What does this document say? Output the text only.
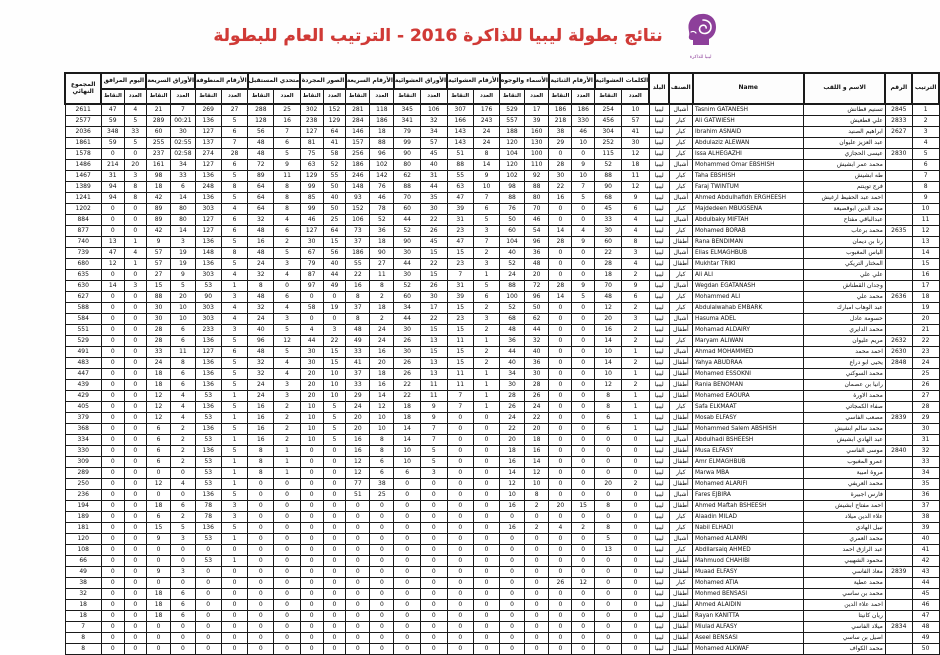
نتائج بطولة ليبيا للذاكرة 2016 - الترتيب العام للبطولة
ليبيا للذاكرة
الترتيب	الرقم	الاسم و اللقب	Name	الصنف	البلد	الكلمات العشوائية		الأرقام الثنائية		الأسماء والوجوه		الأرقام العشوائية		الأوراق العشوائية		الأرقام السريعة		الصور المجردة		متحدي المستقبل		الأرقام المنطوقة		الأوراق السريعة		اليوم المرافق		المجموع
النهائي
						العدد	النقاط	العدد	النقاط	العدد	النقاط	العدد	النقاط	العدد	النقاط	العدد	النقاط	العدد	النقاط	العدد	النقاط	العدد	النقاط	العدد	النقاط	العدد	النقاط	
1	2845	تسنيم قطانش	Tasnim GATANESH	أشبال	ليبيا	10	254	186	186	17	529	176	307	106	345	118	281	152	302	25	288	27	269	7	21	4	47	2611
2	2833	علي قطعيش	Ali GATWIESH	كبار	ليبيا	57	456	330	218	39	557	243	166	32	341	186	284	129	238	16	128	5	136	00:21	289	5	59	2577
3	2627	ابراهيم الصنيد	Ibrahim ASNAID	كبار	ليبيا	41	304	46	38	160	188	24	143	34	79	18	146	64	127	7	56	6	127	30	60	33	348	2036
4		عبد العزيز عليوان	Abdulaziz ALEWAN	كبار	ليبيا	30	252	10	29	130	120	24	143	57	99	88	157	41	81	6	48	7	137	02:55	255	5	59	1861
5	2830	عيسى الحجازي	Issa ALHEGAZHI	كبار	ليبيا	12	115	0	0	100	104	8	51	45	90	96	256	58	75	5	48	28	274	02:58	237	0	0	1578
6		محمد عمر ابشيش	Mohammed Omar EBSHISH	أشبال	ليبيا	18	52	9	28	110	120	14	88	40	80	102	186	52	63	9	72	6	127	34	161	20	214	1486
7		طه ابشيش	Taha EBSHISH	كبار	ليبيا	11	88	10	30	92	102	9	55	31	62	142	246	55	129	11	89	5	136	33	98	3	31	1467
8		فرج توينتم	Faraj TWINTUM	كبار	ليبيا	12	90	7	22	88	98	10	63	44	88	76	148	50	99	8	64	8	248	6	18	8	94	1389
9		احمد عبد الحفيظ ارغيش	Ahmed Abdulhafidh ERGHEESH	أشبال	ليبيا	9	68	5	16	80	88	7	47	35	70	46	93	40	85	8	64	5	136	14	42	8	94	1241
10		مجد الدين ابوقصيعة	Majdedeen MBUGSENA	كبار	ليبيا	6	45	0	0	70	76	6	39	30	60	78	152	50	99	8	64	4	303	80	89	0	0	1202
11		عبدالباقي مفتاح	Abdulbaky MIFTAH	أشبال	ليبيا	4	33	0	0	46	50	5	31	22	44	52	106	25	46	4	32	6	127	80	89	0	0	884
12	2635	محمد برعاب	Mohamed BORAB	كبار	ليبيا	4	30	4	14	54	60	3	23	26	52	36	73	64	127	6	48	6	127	14	42	0	0	877
13		رنا بن ديمان	Rana BENDIMAN	أطفال	ليبيا	8	60	9	28	96	104	7	47	45	90	18	37	15	30	2	16	5	136	3	9	1	13	740
14		الياس المغبوب	Elias ELMAGHBUB	أشبال	ليبيا	3	22	0	0	36	40	2	15	15	30	90	186	56	67	5	48	8	148	19	57	4	47	739
15		المختار التريكي	Mukhtar TRIKI	أطفال	ليبيا	4	28	0	0	48	52	3	23	22	44	27	55	40	79	3	24	5	136	19	57	1	12	680
16		علي علي	Ali ALI	كبار	ليبيا	2	18	0	0	20	24	1	7	15	30	11	22	44	87	4	32	4	303	9	27	0	0	635
17		وجدان القطناش	Wegdan EGATANASH	أشبال	ليبيا	9	70	9	28	72	88	5	31	26	52	8	16	49	97	0	8	1	53	5	15	3	14	630
18	2636	محمد علي	Mohammed ALI	كبار	ليبيا	6	48	5	14	96	100	6	39	30	60	2	8	0	0	6	48	3	90	20	88	0	0	627
19		عبد الوهاب امبارك	Abdulalwahab EMBARK	كبار	ليبيا	2	12	0	0	50	52	2	15	17	34	18	37	19	58	4	32	4	303	10	30	0	0	588
20		حسومة عادل	Hasuma ADEL	أشبال	ليبيا	3	20	0	0	62	68	3	23	22	44	2	8	0	0	3	24	4	303	10	30	0	0	584
21		محمد الدايري	Mohamad ALDAIRY	أطفال	ليبيا	2	16	0	0	44	48	2	15	15	30	24	48	3	4	5	40	3	233	6	28	0	0	551
22	2632	مريم عليوان	Maryam ALIWAN	كبار	ليبيا	2	14	0	0	32	36	1	11	13	26	24	49	22	44	12	96	5	136	6	28	0	0	529
23	2630	احمد محمد	Ahmad MOHAMMED	أشبال	ليبيا	1	10	0	0	40	44	2	15	15	30	16	33	15	30	5	48	6	127	11	33	0	0	491
24	2848	يحيى ابو دراع	Yahya ABUDRAA	أطفال	ليبيا	2	14	0	0	36	40	2	15	13	26	20	41	15	30	4	32	5	136	8	24	0	0	483
25		محمد السوكني	Mohamed ESSOKNI	أطفال	ليبيا	1	10	0	0	30	34	1	11	13	26	18	37	10	20	4	32	5	136	6	18	0	0	447
26		رانيا بن عصمان	Rania BENOMAN	أطفال	ليبيا	2	12	0	0	28	30	1	11	11	22	16	33	10	20	3	24	5	136	6	18	0	0	439
27		محمد الاورة	Mohamed EAOURA	أطفال	ليبيا	1	8	0	0	26	28	1	7	11	22	14	29	10	20	3	24	1	53	4	12	0	0	429
28		صفاء الكمجاتي	Safa ELKMAAT	كبار	ليبيا	1	8	0	0	24	26	1	7	9	18	12	24	5	10	2	16	5	136	4	12	0	0	405
29	2839	مصعب الفاسي	Mosab ELFASY	أطفال	ليبيا	1	6	0	0	22	24	0	0	9	18	10	20	5	10	2	16	1	53	4	12	0	0	379
30		محمد سالم ابشيش	Mohammed Salem ABSHISH	أطفال	ليبيا	1	6	0	0	20	22	0	0	7	14	10	20	5	10	2	16	5	136	2	6	0	0	368
31		عبد الهادي ابشيش	Abdulhadi BSHEESH	أشبال	ليبيا	0	0	0	0	18	20	0	0	7	14	8	16	5	10	2	16	1	53	2	6	0	0	334
32	2840	موسى الفاسي	Musa ELFASY	أطفال	ليبيا	0	0	0	0	16	18	0	0	5	10	8	16	0	0	1	8	5	136	2	6	0	0	330
33		عمرو المغبوب	Amr ELMAGHBUB	أطفال	ليبيا	0	0	0	0	14	16	0	0	5	10	6	12	0	0	1	8	1	53	2	6	0	0	309
34		مروة امبية	Marwa MBA	كبار	ليبيا	0	0	0	0	12	14	0	0	3	6	6	12	0	0	1	8	1	53	0	0	0	0	289
35		محمد العريفي	Mohamed ALARIFI	أطفال	ليبيا	2	20	0	0	10	12	0	0	0	0	38	77	0	0	0	0	1	53	4	12	0	0	250
36		فارس اجبيرة	Fares EJBIRA	أشبال	ليبيا	0	0	0	0	8	10	0	0	0	0	25	51	0	0	0	0	5	136	0	0	0	0	236
37		احمد مفتاح ابشيش	Ahmed Maftah BSHEESH	أطفال	ليبيا	0	8	15	20	2	16	0	0	0	0	0	0	0	0	0	0	3	78	6	18	0	0	194
38		علاء الدين ميلاد	Alaadin MILAD	كبار	ليبيا	0	0	0	0	0	0	0	0	0	0	0	0	0	0	0	0	3	78	2	6	0	0	189
39		نبيل الهادي	Nabil ELHADI	كبار	ليبيا	0	8	2	4	2	16	0	0	0	0	0	0	0	0	0	0	5	136	5	15	0	0	181
40		محمد العمري	Mohamed ALAMRI	أشبال	ليبيا	0	5	0	0	0	0	0	0	0	0	0	0	0	0	0	0	1	53	3	9	0	0	120
41		عبد الرازق احمد	Abdllarsaiq AHMED	كبار	ليبيا	0	13	0	0	0	0	0	0	0	0	0	0	0	0	0	0	0	0	0	0	0	0	108
42		محمود الشهيبي	Mahmuod CHAHIBI	أطفال	ليبيا	0	0	0	0	0	0	0	0	0	0	0	0	0	0	0	0	1	53	0	0	0	0	66
43	2839	معاذ الفاسي	Muaad ELFASY	أطفال	ليبيا	0	0	0	0	0	0	0	0	0	0	0	0	0	0	0	0	0	0	3	9	0	0	49
44		محمد عطية	Mohamed ATIA	كبار	ليبيا	0	0	12	26	0	0	0	0	0	0	0	0	0	0	0	0	0	0	0	0	0	0	38
45		محمد بن ساسي	Mohmed BENSASI	أطفال	ليبيا	0	0	0	0	0	0	0	0	0	0	0	0	0	0	0	0	0	0	6	18	0	0	32
46		احمد علاء الدين	Ahmed ALAIDIN	أطفال	ليبيا	0	0	0	0	0	0	0	0	0	0	0	0	0	0	0	0	0	0	6	18	0	0	18
47		ريان كانيتا	Rayan KANITTA	أطفال	ليبيا	0	0	0	0	0	0	0	0	0	0	0	0	0	0	0	0	0	0	6	18	0	0	18
48	2834	ميلاد الفاسي	Miulad ALFASY	أطفال	ليبيا	0	0	0	0	0	0	0	0	0	0	0	0	0	0	0	0	0	0	0	0	0	0	7
49		اصيل بن ساسي	Aseel BENSASI	أطفال	ليبيا	0	0	0	0	0	0	0	0	0	0	0	0	0	0	0	0	0	0	0	0	0	0	8
50		محمد الكواف	Mohamed ALKWAF	أطفال	ليبيا	0	0	0	0	0	0	0	0	0	0	0	0	0	0	0	0	0	0	0	0	0	0	8
